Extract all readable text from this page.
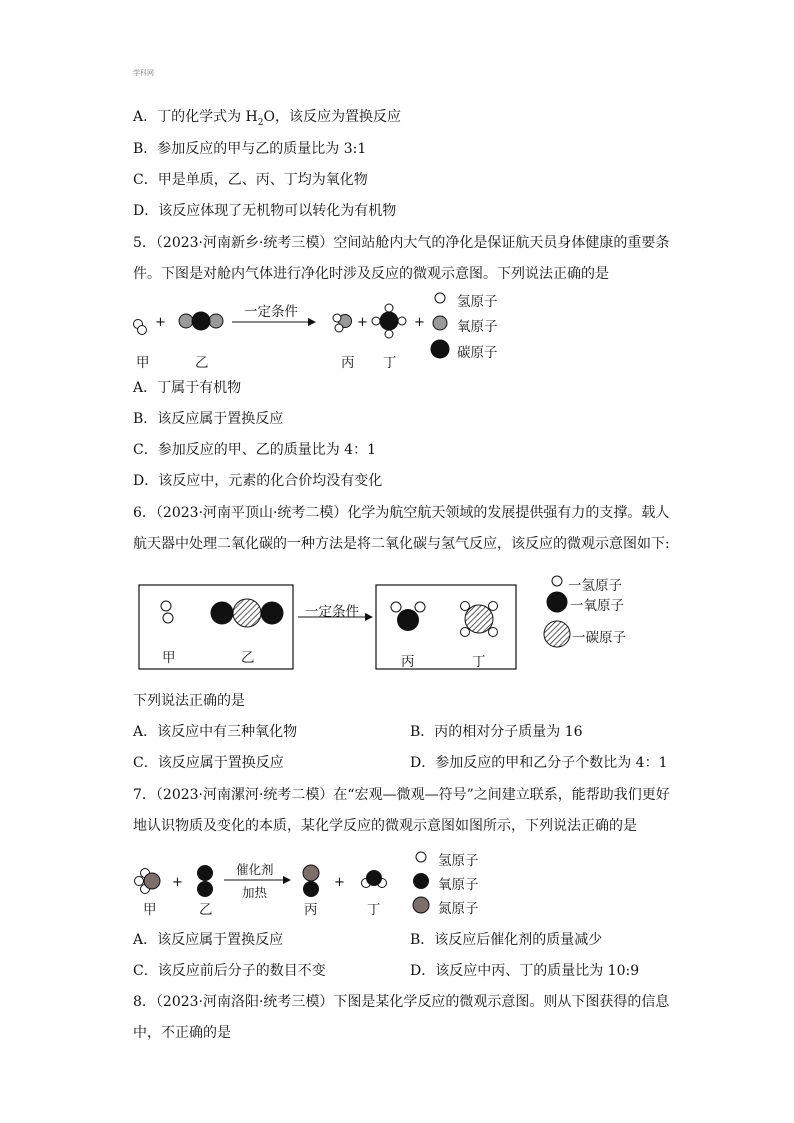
学科网
A．丁的化学式为 $H_2O$，该反应为置换反应
B．参加反应的甲与乙的质量比为 3:1
C．甲是单质，乙、丙、丁均为氧化物
D．该反应体现了无机物可以转化为有机物
5．（2023·河南新乡·统考三模）空间站舱内大气的净化是保证航天员身体健康的重要条
件。下图是对舱内气体进行净化时涉及反应的微观示意图。下列说法正确的是
+	+	+
+	+
一定条件
甲	乙	丙 丁
氢原子
氧原子
碳原子
A．丁属于有机物
B．该反应属于置换反应
C．参加反应的甲、乙的质量比为 4：1
D．该反应中，元素的化合价均没有变化
6．（2023·河南平顶山·统考二模）化学为航空航天领域的发展提供强有力的支撑。载人
航天器中处理二氧化碳的一种方法是将二氧化碳与氢气反应，该反应的微观示意图如下:
一定条件
甲	乙	丙	丁
一氢原子
一氧原子
一碳原子
下列说法正确的是
A．该反应中有三种氧化物	B．丙的相对分子质量为 16
C．该反应属于置换反应	D．参加反应的甲和乙分子个数比为 4：1
7．（2023·河南漯河·统考二模）在“宏观—微观—符号”之间建立联系，能帮助我们更好
地认识物质及变化的本质，某化学反应的微观示意图如图所示，下列说法正确的是
催化剂
加热
甲	乙	丙	丁
氢原子
氧原子
氮原子
A．该反应属于置换反应	B．该反应后催化剂的质量减少
C．该反应前后分子的数目不变	D．该反应中丙、丁的质量比为 10:9
8．（2023·河南洛阳·统考三模）下图是某化学反应的微观示意图。则从下图获得的信息
中，不正确的是
